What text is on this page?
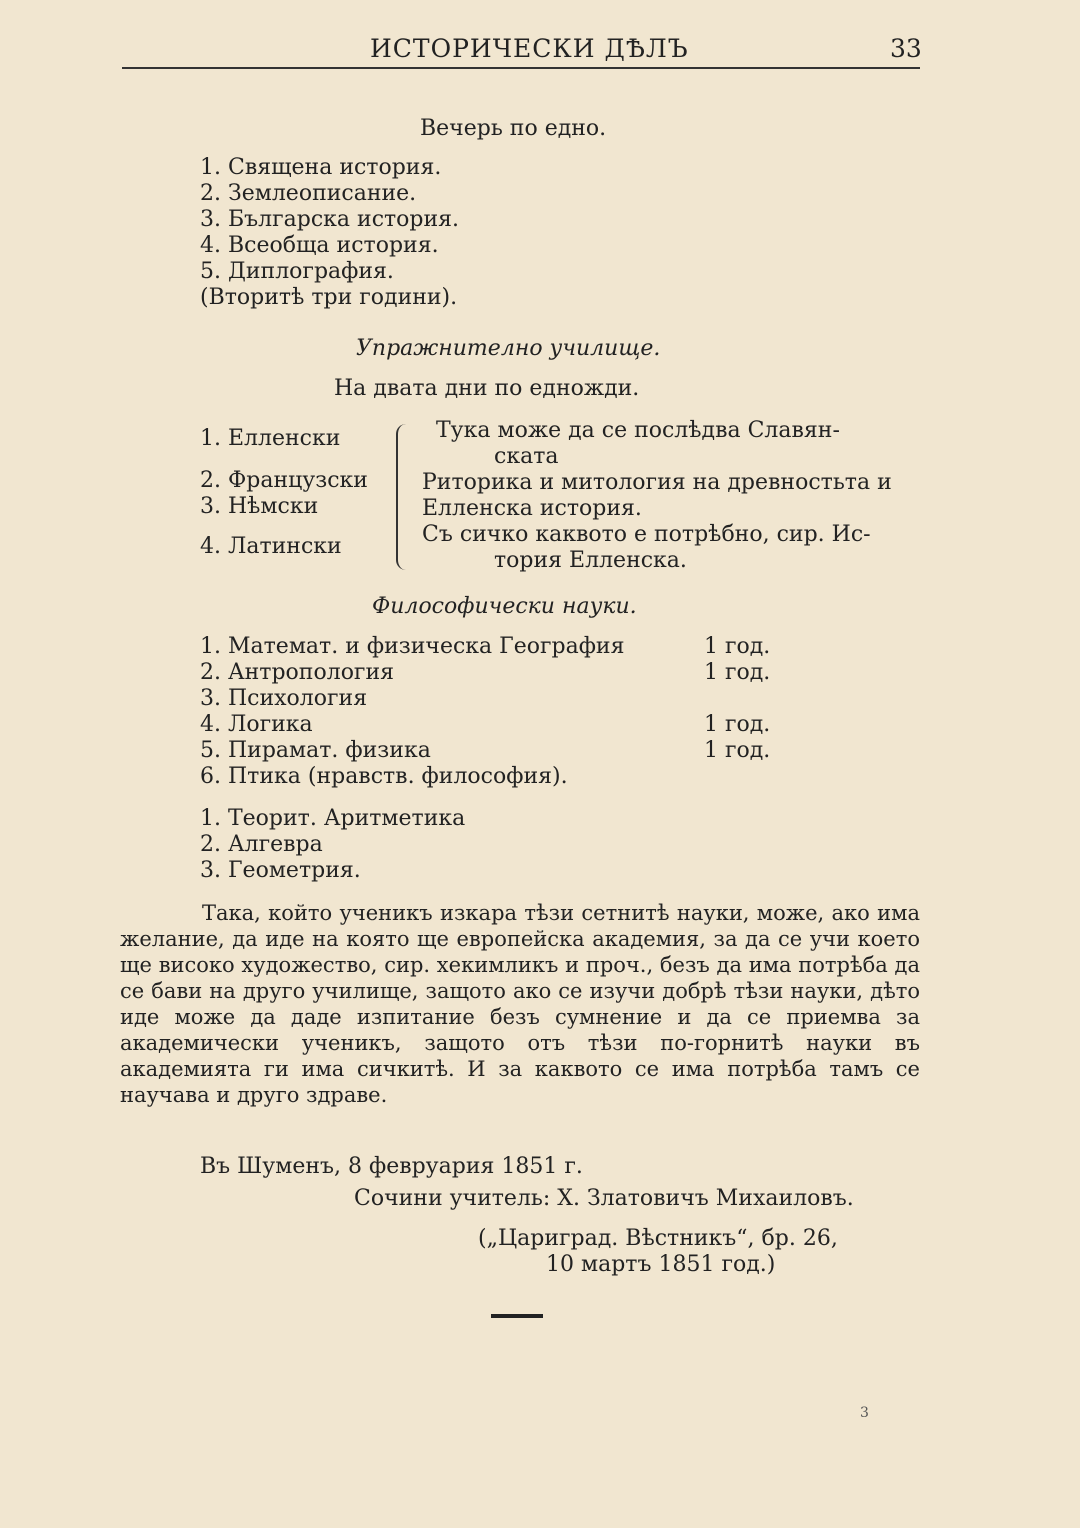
ИСТОРИЧЕСКИ ДѢЛЪ	33
Вечерь по едно.
1. Священа история.
2. Землеописание.
3. Българска история.
4. Всеобща история.
5. Диплография.
(Вторитѣ три години).
Упражнително училище.
На двата дни по еднож​ди.
1. Елленски
2. Французски
3. Нѣмски
4. Латински
Тука може да се послѣдва Славян-
ската
Риторика и митология на древностьта и
Елленска история.
Съ сичко каквото е потрѣбно, сир. Ис-
тория Елленска.
Философически науки.
1. Математ. и физическа География
2. Антропология
3. Психология
4. Логика
5. Пирамат. физика
6. Птика (нравств. философия).
1 год.
1 год.

1 год.
1 год.
1. Теорит. Аритметика
2. Алгевра
3. Геометрия.

Така, който ученикъ изкара тѣзи сетнитѣ науки, може, ако има желание, да иде на която ще европейска академия, за да се учи което ще високо художество, сир. хекимликъ и проч., безъ да има потрѣба да се бави на друго училище, защото ако се изучи добрѣ тѣзи науки, дѣто иде може да даде изпитание безъ сумнение и да се приемва за академически ученикъ, защото отъ тѣзи по-горнитѣ науки въ академията ги има сичкитѣ. И за каквото се има потрѣба тамъ се научава и друго здраве.

Въ Шуменъ, 8 февруария 1851 г.
Сочини учитель: Х. Златовичъ Михаиловъ.
(„Цариград. Вѣстникъ“, бр. 26,
10 мартъ 1851 год.)
3
